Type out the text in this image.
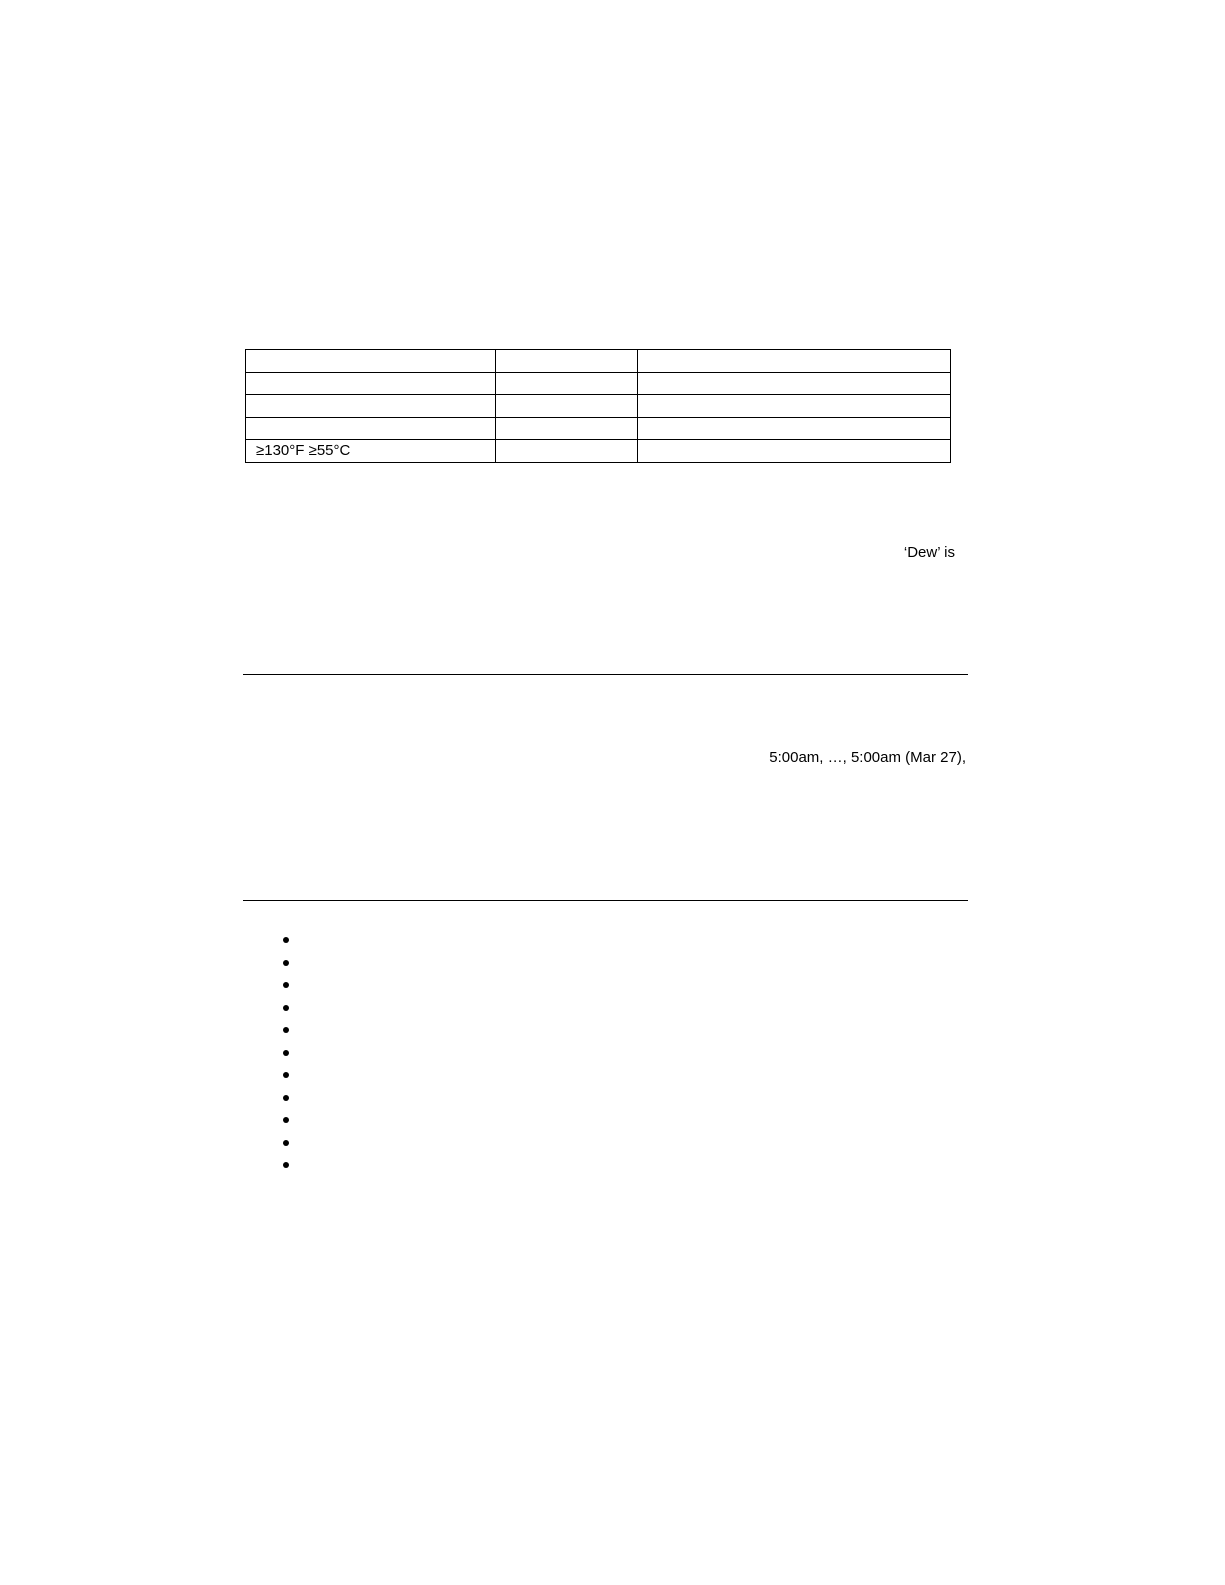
≥130°F ≥55°C		
‘Dew’ is
5:00am, …, 5:00am (Mar 27),
